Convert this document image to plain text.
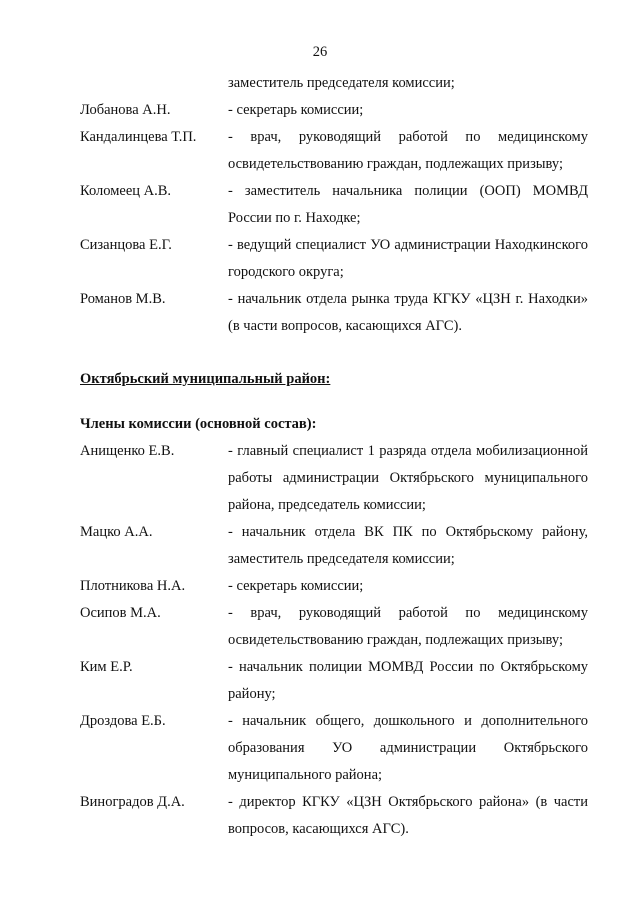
26
заместитель председателя комиссии;
Лобанова А.Н.	- секретарь комиссии;
Кандалинцева Т.П.	- врач, руководящий работой по медицинскому освидетельствованию граждан, подлежащих призыву;
Коломеец А.В.	- заместитель начальника полиции (ООП) МОМВД России по г. Находке;
Сизанцова Е.Г.	- ведущий специалист УО администрации Находкинского городского округа;
Романов М.В.	- начальник отдела рынка труда КГКУ «ЦЗН г. Находки» (в части вопросов, касающихся АГС).
Октябрьский муниципальный район:
Члены комиссии (основной состав):
Анищенко Е.В.	- главный специалист 1 разряда отдела мобилизационной работы администрации Октябрьского муниципального района, председатель комиссии;
Мацко А.А.	- начальник отдела ВК ПК по Октябрьскому району, заместитель председателя комиссии;
Плотникова Н.А.	- секретарь комиссии;
Осипов М.А.	- врач, руководящий работой по медицинскому освидетельствованию граждан, подлежащих призыву;
Ким Е.Р.	- начальник полиции МОМВД России по Октябрьскому району;
Дроздова Е.Б.	- начальник общего, дошкольного и дополнительного образования УО администрации Октябрьского муниципального района;
Виноградов Д.А.	- директор КГКУ «ЦЗН Октябрьского района» (в части вопросов, касающихся АГС).
